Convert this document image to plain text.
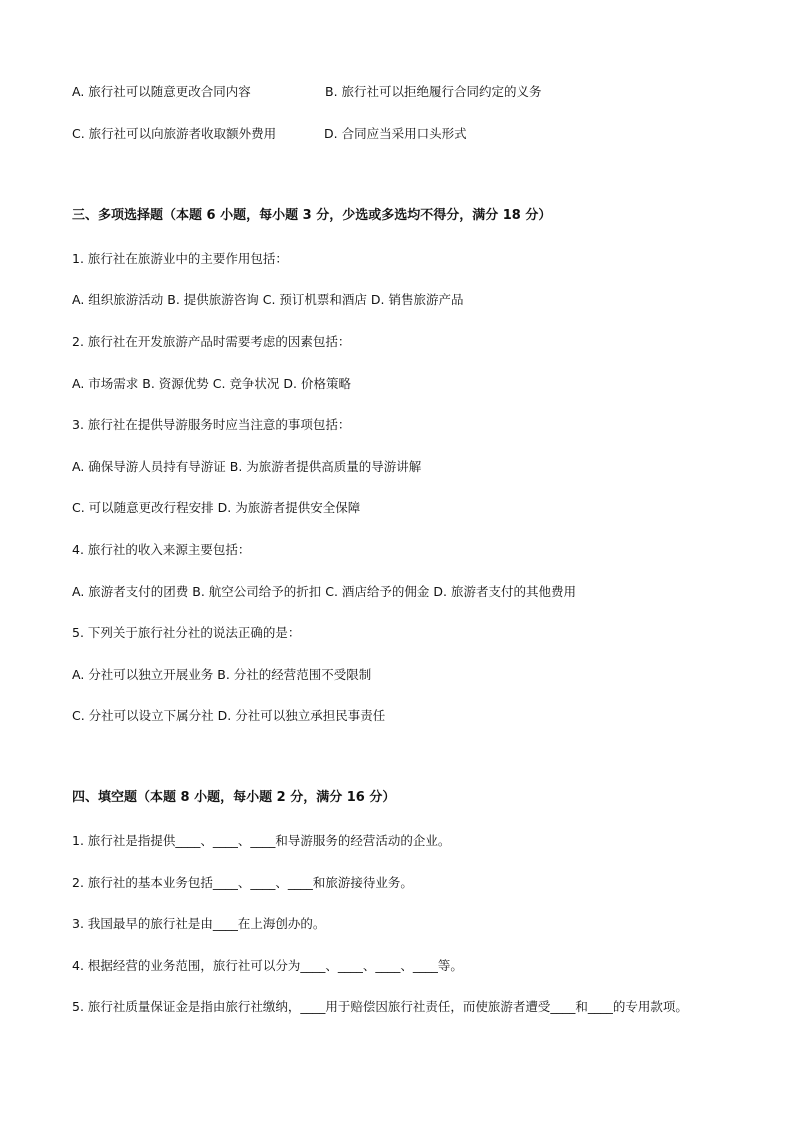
A. 旅行社可以随意更改合同内容	B. 旅行社可以拒绝履行合同约定的义务
C. 旅行社可以向旅游者收取额外费用	D. 合同应当采用口头形式
三、多项选择题（本题 6 小题，每小题 3 分，少选或多选均不得分，满分 18 分）
1. 旅行社在旅游业中的主要作用包括：
A. 组织旅游活动 B. 提供旅游咨询 C. 预订机票和酒店 D. 销售旅游产品
2. 旅行社在开发旅游产品时需要考虑的因素包括：
A. 市场需求 B. 资源优势 C. 竞争状况 D. 价格策略
3. 旅行社在提供导游服务时应当注意的事项包括：
A. 确保导游人员持有导游证 B. 为旅游者提供高质量的导游讲解
C. 可以随意更改行程安排 D. 为旅游者提供安全保障
4. 旅行社的收入来源主要包括：
A. 旅游者支付的团费 B. 航空公司给予的折扣 C. 酒店给予的佣金 D. 旅游者支付的其他费用
5. 下列关于旅行社分社的说法正确的是：
A. 分社可以独立开展业务 B. 分社的经营范围不受限制
C. 分社可以设立下属分社 D. 分社可以独立承担民事责任
四、填空题（本题 8 小题，每小题 2 分，满分 16 分）
1. 旅行社是指提供____、____、____和导游服务的经营活动的企业。
2. 旅行社的基本业务包括____、____、____和旅游接待业务。
3. 我国最早的旅行社是由____在上海创办的。
4. 根据经营的业务范围，旅行社可以分为____、____、____、____等。
5. 旅行社质量保证金是指由旅行社缴纳，____用于赔偿因旅行社责任，而使旅游者遭受____和____的专用款项。
